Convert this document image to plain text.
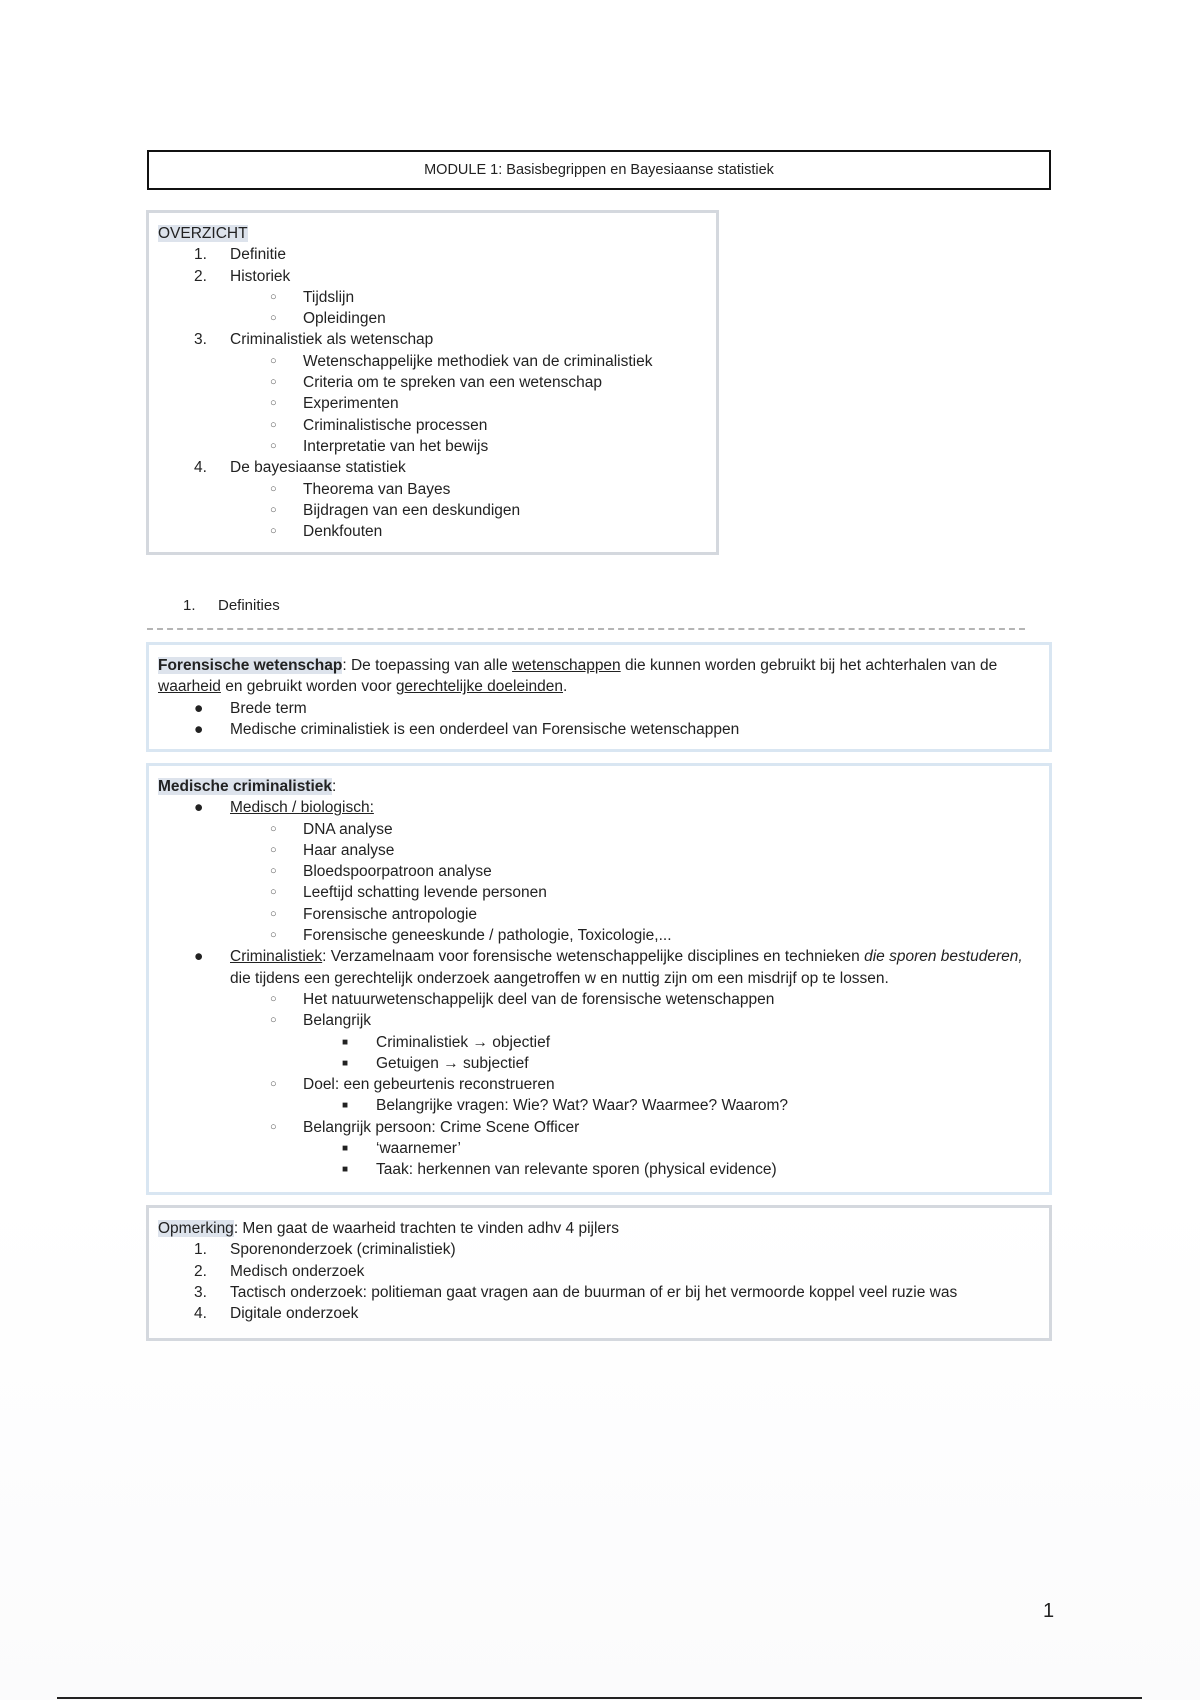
MODULE 1: Basisbegrippen en Bayesiaanse statistiek
OVERZICHT
1. Definitie
2. Historiek
○ Tijdslijn
○ Opleidingen
3. Criminalistiek als wetenschap
○ Wetenschappelijke methodiek van de criminalistiek
○ Criteria om te spreken van een wetenschap
○ Experimenten
○ Criminalistische processen
○ Interpretatie van het bewijs
4. De bayesiaanse statistiek
○ Theorema van Bayes
○ Bijdragen van een deskundigen
○ Denkfouten
1. Definities
Forensische wetenschap: De toepassing van alle wetenschappen die kunnen worden gebruikt bij het achterhalen van de waarheid en gebruikt worden voor gerechtelijke doeleinden.
● Brede term
● Medische criminalistiek is een onderdeel van Forensische wetenschappen
Medische criminalistiek:
● Medisch / biologisch:
○ DNA analyse
○ Haar analyse
○ Bloedspoorpatroon analyse
○ Leeftijd schatting levende personen
○ Forensische antropologie
○ Forensische geneeskunde / pathologie, Toxicologie,...
● Criminalistiek: Verzamelnaam voor forensische wetenschappelijke disciplines en technieken die sporen bestuderen, die tijdens een gerechtelijk onderzoek aangetroffen w en nuttig zijn om een misdrijf op te lossen.
○ Het natuurwetenschappelijk deel van de forensische wetenschappen
○ Belangrijk
■ Criminalistiek → objectief
■ Getuigen → subjectief
○ Doel: een gebeurtenis reconstrueren
■ Belangrijke vragen: Wie? Wat? Waar? Waarmee? Waarom?
○ Belangrijk persoon: Crime Scene Officer
■ ‘waarnemer’
■ Taak: herkennen van relevante sporen (physical evidence)
Opmerking: Men gaat de waarheid trachten te vinden adhv 4 pijlers
1. Sporenonderzoek (criminalistiek)
2. Medisch onderzoek
3. Tactisch onderzoek: politieman gaat vragen aan de buurman of er bij het vermoorde koppel veel ruzie was
4. Digitale onderzoek
1
